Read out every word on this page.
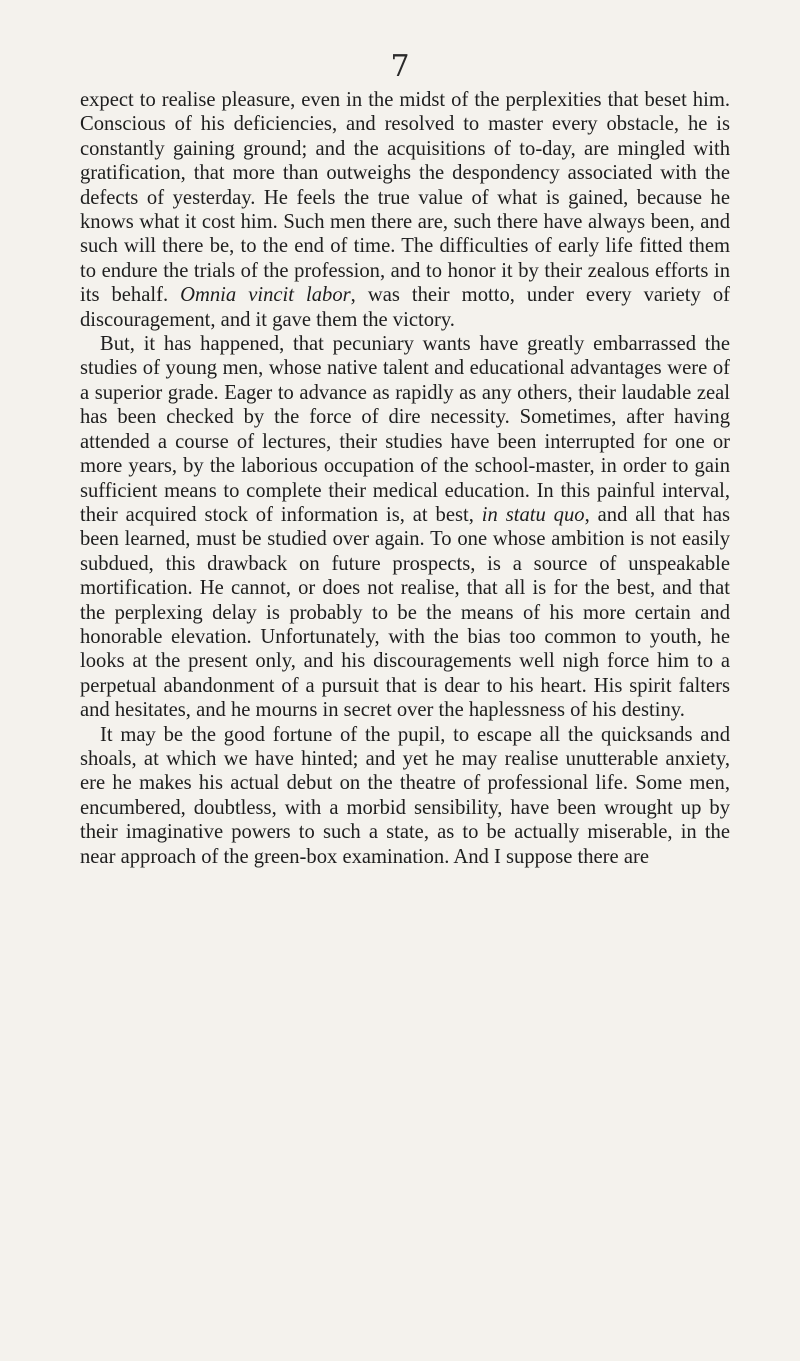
7

expect to realise pleasure, even in the midst of the perplexities that beset him. Conscious of his deficiencies, and resolved to master every obstacle, he is constantly gaining ground; and the acquisitions of to-day, are mingled with gratification, that more than outweighs the despondency associated with the defects of yesterday. He feels the true value of what is gained, because he knows what it cost him. Such men there are, such there have always been, and such will there be, to the end of time. The difficulties of early life fitted them to endure the trials of the profession, and to honor it by their zealous efforts in its behalf. Omnia vincit labor, was their motto, under every variety of discouragement, and it gave them the victory.

But, it has happened, that pecuniary wants have greatly embarrassed the studies of young men, whose native talent and educational advantages were of a superior grade. Eager to advance as rapidly as any others, their laudable zeal has been checked by the force of dire necessity. Sometimes, after having attended a course of lectures, their studies have been interrupted for one or more years, by the laborious occupation of the school-master, in order to gain sufficient means to complete their medical education. In this painful interval, their acquired stock of information is, at best, in statu quo, and all that has been learned, must be studied over again. To one whose ambition is not easily subdued, this drawback on future prospects, is a source of unspeakable mortification. He cannot, or does not realise, that all is for the best, and that the perplexing delay is probably to be the means of his more certain and honorable elevation. Unfortunately, with the bias too common to youth, he looks at the present only, and his discouragements well nigh force him to a perpetual abandonment of a pursuit that is dear to his heart. His spirit falters and hesitates, and he mourns in secret over the haplessness of his destiny.

It may be the good fortune of the pupil, to escape all the quicksands and shoals, at which we have hinted; and yet he may realise unutterable anxiety, ere he makes his actual debut on the theatre of professional life. Some men, encumbered, doubtless, with a morbid sensibility, have been wrought up by their imaginative powers to such a state, as to be actually miserable, in the near approach of the green-box examination. And I suppose there are
